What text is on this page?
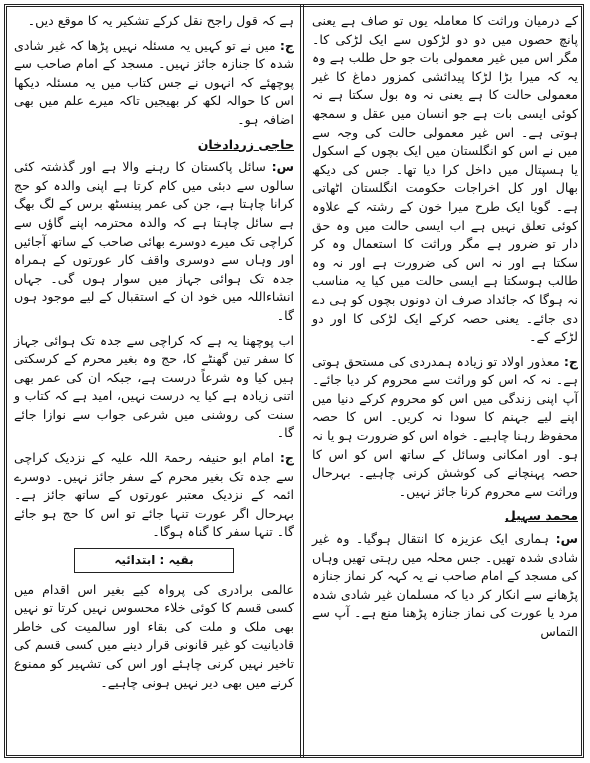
کے درمیان وراثت کا معاملہ یوں تو صاف ہے یعنی پانچ حصوں میں دو دو لڑکوں سے ایک لڑکی کا۔ مگر اس میں غیر معمولی بات جو حل طلب ہے وہ یہ کہ میرا بڑا لڑکا پیدائشی کمزور دماغ کا غیر معمولی حالت کا ہے یعنی نہ وہ بول سکتا ہے نہ کوئی ایسی بات ہے جو انسان میں عقل و سمجھ ہوتی ہے۔ اس غیر معمولی حالت کی وجہ سے میں نے اس کو انگلستان میں ایک بچوں کے اسکول یا ہسپتال میں داخل کرا دیا تھا۔ جس کی دیکھ بھال اور کل اخراجات حکومت انگلستان اٹھاتی ہے۔ گویا ایک طرح میرا خون کے رشتہ کے علاوہ کوئی تعلق نہیں ہے اب ایسی حالت میں وہ حق دار تو ضرور ہے مگر وراثت کا استعمال وہ کر سکتا ہے اور نہ اس کی ضرورت ہے اور نہ وہ طالب ہوسکتا ہے ایسی حالت میں کیا یہ مناسب نہ ہوگا کہ جائداد صرف ان دونوں بچوں کو ہی دے دی جائے۔ یعنی حصہ کرکے ایک لڑکی کا اور دو لڑکے کے۔

ج: معذور اولاد تو زیادہ ہمدردی کی مستحق ہوتی ہے۔ نہ کہ اس کو وراثت سے محروم کر دیا جائے۔ آپ اپنی زندگی میں اس کو محروم کرکے دنیا میں اپنے لیے جہنم کا سودا نہ کریں۔ اس کا حصہ محفوظ رہنا چاہیے۔ خواہ اس کو ضرورت ہو یا نہ ہو۔ اور امکانی وسائل کے ساتھ اس کو اس کا حصہ پہنچانے کی کوشش کرنی چاہیے۔ بہرحال وراثت سے محروم کرنا جائز نہیں۔

محمد سہیل

س: ہماری ایک عزیزہ کا انتقال ہوگیا۔ وہ غیر شادی شدہ تھیں۔ جس محلہ میں رہتی تھیں وہاں کی مسجد کے امام صاحب نے یہ کہہ کر نماز جنازہ پڑھانے سے انکار کر دیا کہ مسلمان غیر شادی شدہ مرد یا عورت کی نماز جنازہ پڑھنا منع ہے۔ آپ سے التماس

ہے کہ قول راجح نقل کرکے تشکیر یہ کا موقع دیں۔

ج: میں نے تو کہیں یہ مسئلہ نہیں پڑھا کہ غیر شادی شدہ کا جنازہ جائز نہیں۔ مسجد کے امام صاحب سے پوچھئے کہ انہوں نے جس کتاب میں یہ مسئلہ دیکھا اس کا حوالہ لکھ کر بھیجیں تاکہ میرے علم میں بھی اضافہ ہو۔

حاجی زردادخان

س: سائل پاکستان کا رہنے والا ہے اور گذشتہ کئی سالوں سے دبئی میں کام کرتا ہے اپنی والدہ کو حج کرانا چاہتا ہے، جن کی عمر پینسٹھ برس کے لگ بھگ ہے سائل چاہتا ہے کہ والدہ محترمہ اپنے گاؤں سے کراچی تک میرے دوسرے بھائی صاحب کے ساتھ آجائیں اور وہاں سے دوسری واقف کار عورتوں کے ہمراہ جدہ تک ہوائی جہاز میں سوار ہوں گی۔ جہاں انشاءاللہ میں خود ان کے استقبال کے لیے موجود ہوں گا۔

اب پوچھنا یہ ہے کہ کراچی سے جدہ تک ہوائی جہاز کا سفر تین گھنٹے کا، حج وہ بغیر محرم کے کرسکتی ہیں کیا وہ شرعاً درست ہے، جبکہ ان کی عمر بھی اتنی زیادہ ہے کیا یہ درست نہیں، امید ہے کہ کتاب و سنت کی روشنی میں شرعی جواب سے نوازا جائے گا۔

ج: امام ابو حنیفہ رحمۃ اللہ علیہ کے نزدیک کراچی سے جدہ تک بغیر محرم کے سفر جائز نہیں۔ دوسرے ائمہ کے نزدیک معتبر عورتوں کے ساتھ جائز ہے۔ بہرحال اگر عورت تنہا جائے تو اس کا حج ہو جائے گا۔ تنہا سفر کا گناہ ہوگا۔

بقیہ : ابتدائیہ

عالمی برادری کی پرواہ کیے بغیر اس اقدام میں کسی قسم کا کوئی خلاء محسوس نہیں کرتا تو نہیں بھی ملک و ملت کی بقاء اور سالمیت کی خاطر قادیانیت کو غیر قانونی قرار دینے میں کسی قسم کی تاخیر نہیں کرنی چاہئے اور اس کی تشہیر کو ممنوع کرنے میں بھی دیر نہیں ہونی چاہیے۔
